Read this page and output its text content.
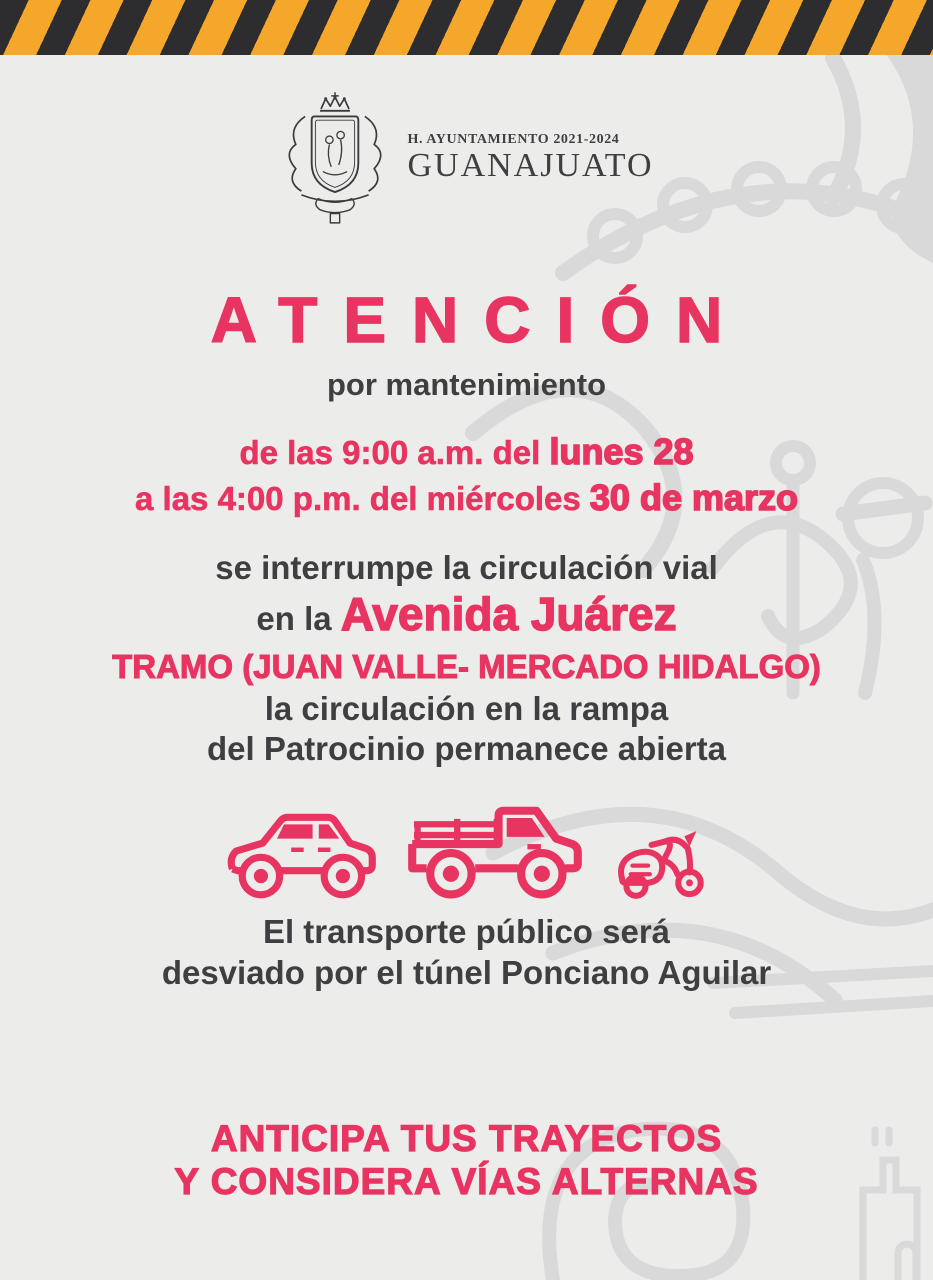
H. AYUNTAMIENTO 2021-2024
GUANAJUATO
ATENCIÓN
por mantenimiento
de las 9:00 a.m. del lunes 28
a las 4:00 p.m. del miércoles 30 de marzo
se interrumpe la circulación vial
en la Avenida Juárez
TRAMO (JUAN VALLE- MERCADO HIDALGO)
la circulación en la rampa
del Patrocinio permanece abierta
El transporte público será
desviado por el túnel Ponciano Aguilar
ANTICIPA TUS TRAYECTOS
Y CONSIDERA VÍAS ALTERNAS
